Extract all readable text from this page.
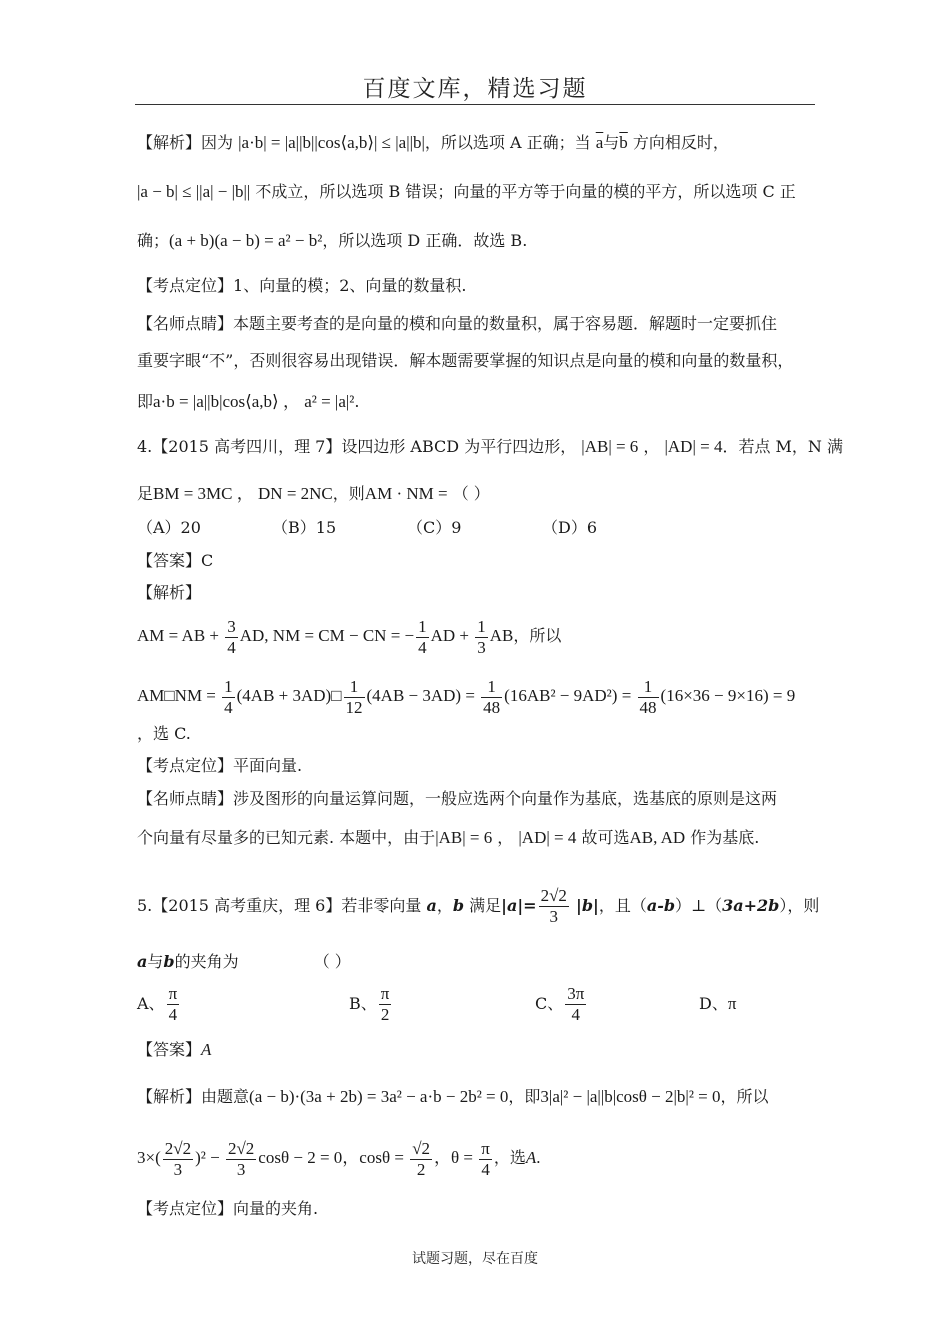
百度文库，精选习题
【解析】因为 |a·b| = |a||b||cos⟨a,b⟩| ≤ |a||b|，所以选项 A 正确；当 $\overline{a}$与$\overline{b}$ 方向相反时，
|a − b| ≤ ||a| − |b|| 不成立，所以选项 B 错误；向量的平方等于向量的模的平方，所以选项 C 正
确；(a + b)(a − b) = a² − b²，所以选项 D 正确．故选 B.
【考点定位】1、向量的模；2、向量的数量积.
【名师点睛】本题主要考查的是向量的模和向量的数量积，属于容易题．解题时一定要抓住
重要字眼“不”，否则很容易出现错误．解本题需要掌握的知识点是向量的模和向量的数量积，
即a·b = |a||b|cos⟨a,b⟩ ， a² = |a|².
4.【2015 高考四川，理 7】设四边形 ABCD 为平行四边形， |AB| = 6 ， |AD| = 4．若点 M，N 满
足BM = 3MC ， DN = 2NC，则AM · NM = （ ）
（A）20	（B）15	（C）9	（D）6
【答案】C
【解析】
AM = AB + $\frac{3}{4}$ AD, NM = CM − CN = − $\frac{1}{4}$ AD + $\frac{1}{3}$ AB，所以
AM□NM = $\frac{1}{4} (4AB$ + 3AD)□ $\frac{1}{12} (4AB - 3AD) = \frac{1}{48} (16AB^2 - 9AD^2) = \frac{1}{48} (16\times 36 - 9\times 16) = 9$
，选 C.
【考点定位】平面向量.
【名师点睛】涉及图形的向量运算问题，一般应选两个向量作为基底，选基底的原则是这两
个向量有尽量多的已知元素. 本题中，由于|AB| = 6 ， |AD| = 4 故可选AB, AD 作为基底.
5.【2015 高考重庆，理 6】若非零向量 a，b 满足$|a|= \frac{2√2}{3} |b|$，且（a-b）⊥（3a+2b），则
a与b的夹角为	（ ）
A、 $\frac{\pi}{4}$	B、 $\frac{\pi}{2}$	C、 $\frac{3\pi}{4}$	D、π
【答案】A
【解析】由题意(a − b)·(3a + 2b) = 3a² − a·b − 2b² = 0，即3|a|² − |a||b|cosθ − 2|b|² = 0，所以
$3\times( \frac{2√2}{3} )^2 - \frac{2√2}{3}$ cosθ − 2 = 0，$\cos\theta = \frac{√2}{2}$ ，$\theta = \frac{\pi}{4}$ ，选A.
【考点定位】向量的夹角.
试题习题，尽在百度
